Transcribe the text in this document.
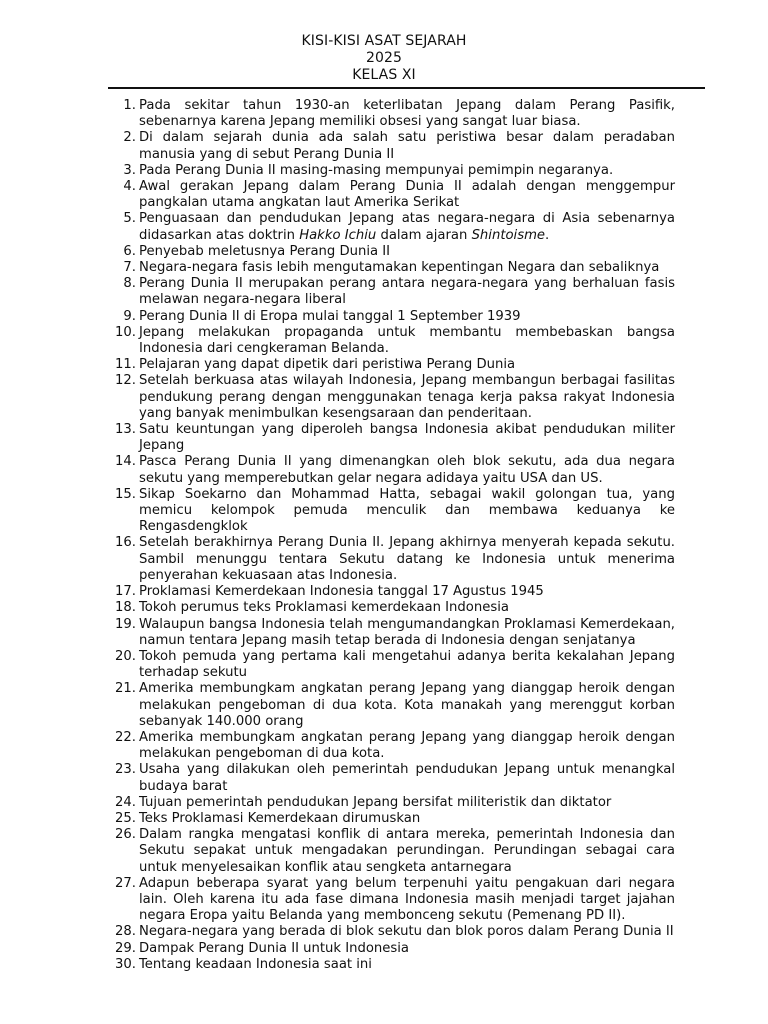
KISI-KISI ASAT SEJARAH
2025
KELAS XI
1. Pada sekitar tahun 1930-an keterlibatan Jepang dalam Perang Pasifik, sebenarnya karena Jepang memiliki obsesi yang sangat luar biasa.
2. Di dalam sejarah dunia ada salah satu peristiwa besar dalam peradaban manusia yang di sebut Perang Dunia II
3. Pada Perang Dunia II masing-masing mempunyai pemimpin negaranya.
4. Awal gerakan Jepang dalam Perang Dunia II adalah dengan menggempur pangkalan utama angkatan laut Amerika Serikat
5. Penguasaan dan pendudukan Jepang atas negara-negara di Asia sebenarnya didasarkan atas doktrin Hakko Ichiu dalam ajaran Shintoisme.
6. Penyebab meletusnya Perang Dunia II
7. Negara-negara fasis lebih mengutamakan kepentingan Negara dan sebaliknya
8. Perang Dunia II merupakan perang antara negara-negara yang berhaluan fasis melawan negara-negara liberal
9. Perang Dunia II di Eropa mulai tanggal 1 September 1939
10. Jepang melakukan propaganda untuk membantu membebaskan bangsa Indonesia dari cengkeraman Belanda.
11. Pelajaran yang dapat dipetik dari peristiwa Perang Dunia
12. Setelah berkuasa atas wilayah Indonesia, Jepang membangun berbagai fasilitas pendukung perang dengan menggunakan tenaga kerja paksa rakyat Indonesia yang banyak menimbulkan kesengsaraan dan penderitaan.
13. Satu keuntungan yang diperoleh bangsa Indonesia akibat pendudukan militer Jepang
14. Pasca Perang Dunia II yang dimenangkan oleh blok sekutu, ada dua negara sekutu yang memperebutkan gelar negara adidaya yaitu USA dan US.
15. Sikap Soekarno dan Mohammad Hatta, sebagai wakil golongan tua, yang memicu kelompok pemuda menculik dan membawa keduanya ke Rengasdengklok
16. Setelah berakhirnya Perang Dunia II. Jepang akhirnya menyerah kepada sekutu. Sambil menunggu tentara Sekutu datang ke Indonesia untuk menerima penyerahan kekuasaan atas Indonesia.
17. Proklamasi Kemerdekaan Indonesia tanggal 17 Agustus 1945
18. Tokoh perumus teks Proklamasi kemerdekaan Indonesia
19. Walaupun bangsa Indonesia telah mengumandangkan Proklamasi Kemerdekaan, namun tentara Jepang masih tetap berada di Indonesia dengan senjatanya
20. Tokoh pemuda yang pertama kali mengetahui adanya berita kekalahan Jepang terhadap sekutu
21. Amerika membungkam angkatan perang Jepang yang dianggap heroik dengan melakukan pengeboman di dua kota. Kota manakah yang merenggut korban sebanyak 140.000 orang
22. Amerika membungkam angkatan perang Jepang yang dianggap heroik dengan melakukan pengeboman di dua kota.
23. Usaha yang dilakukan oleh pemerintah pendudukan Jepang untuk menangkal budaya barat
24. Tujuan pemerintah pendudukan Jepang bersifat militeristik dan diktator
25. Teks Proklamasi Kemerdekaan dirumuskan
26. Dalam rangka mengatasi konflik di antara mereka, pemerintah Indonesia dan Sekutu sepakat untuk mengadakan perundingan. Perundingan sebagai cara untuk menyelesaikan konflik atau sengketa antarnegara
27. Adapun beberapa syarat yang belum terpenuhi yaitu pengakuan dari negara lain. Oleh karena itu ada fase dimana Indonesia masih menjadi target jajahan negara Eropa yaitu Belanda yang membonceng sekutu (Pemenang PD II).
28. Negara-negara yang berada di blok sekutu dan blok poros dalam Perang Dunia II
29. Dampak Perang Dunia II untuk Indonesia
30. Tentang keadaan Indonesia saat ini
